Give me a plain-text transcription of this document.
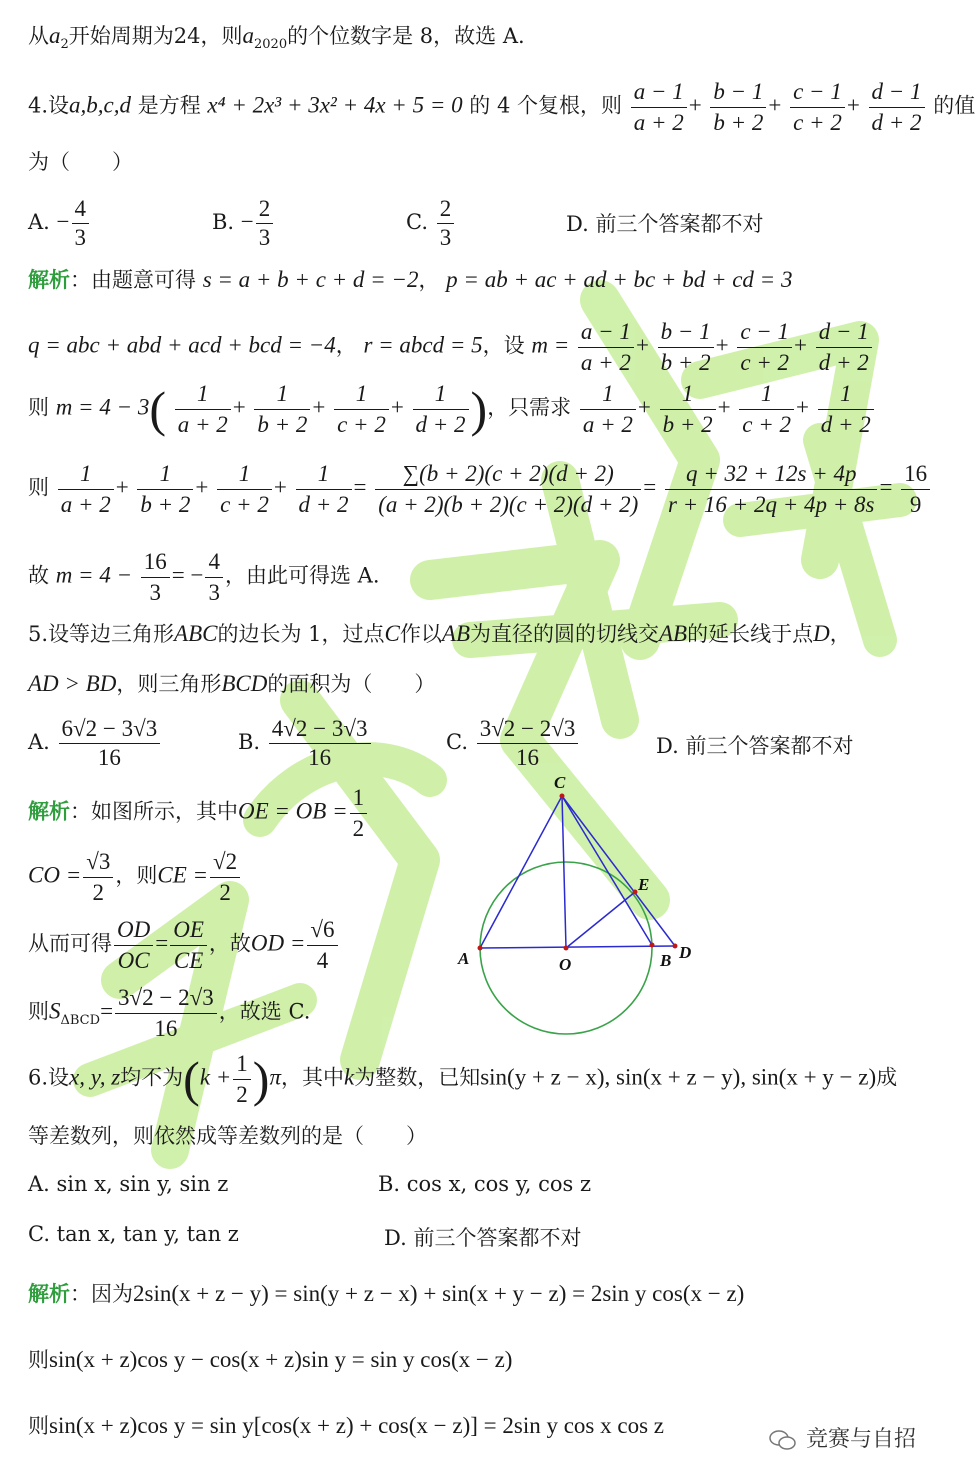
从$a_2$开始周期为24，则$a_{2020}$的个位数字是 8，故选 A.
4.设a,b,c,d 是方程 x⁴ + 2x³ + 3x² + 4x + 5 = 0 的 4 个复根，则 $\frac{a - 1}{a + 2} + \frac{b - 1}{b + 2} + \frac{c - 1}{c + 2} + \frac{d - 1}{d + 2}$ 的值
为（　　）
A. − $\frac{4}{3}$	B. − $\frac{2}{3}$	C. $\frac{2}{3}$	D. 前三个答案都不对
解析：由题意可得 s = a + b + c + d = −2， p = ab + ac + ad + bc + bd + cd = 3
q = abc + abd + acd + bcd = −4， r = abcd = 5，设 $m = \frac{a - 1}{a + 2} + \frac{b - 1}{b + 2} + \frac{c - 1}{c + 2} + \frac{d - 1}{d + 2}$
则 $m = 4 - 3( \frac{1}{a + 2} + \frac{1}{b + 2} + \frac{1}{c + 2} + \frac{1}{d + 2}$ )，只需求 $\frac{1}{a + 2} + \frac{1}{b + 2} + \frac{1}{c + 2} + \frac{1}{d + 2}$
则 $\frac{1}{a + 2} + \frac{1}{b + 2} + \frac{1}{c + 2} + \frac{1}{d + 2} = \frac{\sum(b + 2)(c + 2)(d + 2)}{(a + 2)(b + 2)(c + 2)(d + 2)} = \frac{q + 32 + 12s + 4p}{r + 16 + 2q + 4p + 8s} = \frac{16}{9}$
故 $m = 4 - \frac{16}{3}$ = − $\frac{4}{3}$ ，由此可得选 A.
5.设等边三角形ABC的边长为 1，过点C作以AB为直径的圆的切线交AB的延长线于点D，
AD > BD，则三角形BCD的面积为（　　）
A. $\frac{6√2 - 3√3}{16}$	B. $\frac{4√2 - 3√3}{16}$	C. $\frac{3√2 - 2√3}{16}$	D. 前三个答案都不对
解析：如图所示，其中OE = OB = $\frac{1}{2}$
CO = $\frac{√3}{2}$ ，则CE = $\frac{√2}{2}$
从而可得 $\frac{OD}{OC} = \frac{OE}{CE}$ ，故OD = $\frac{√6}{4}$
则$S_{\Delta BCD}= \frac{3√2 - 2√3}{16}$ ，故选 C.
C
E
A	O	B D
6.设x, y, z均不为$(k + \frac{1}{2} )\pi$，其中k为整数，已知sin(y + z − x), sin(x + z − y), sin(x + y − z)成
等差数列，则依然成等差数列的是（　　）
A. sin x, sin y, sin z	B. cos x, cos y, cos z
C. tan x, tan y, tan z	D. 前三个答案都不对
解析：因为2sin(x + z − y) = sin(y + z − x) + sin(x + y − z) = 2sin y cos(x − z)
则sin(x + z)cos y − cos(x + z)sin y = sin y cos(x − z)
则sin(x + z)cos y = sin y[cos(x + z) + cos(x − z)] = 2sin y cos x cos z
竞赛与自招
